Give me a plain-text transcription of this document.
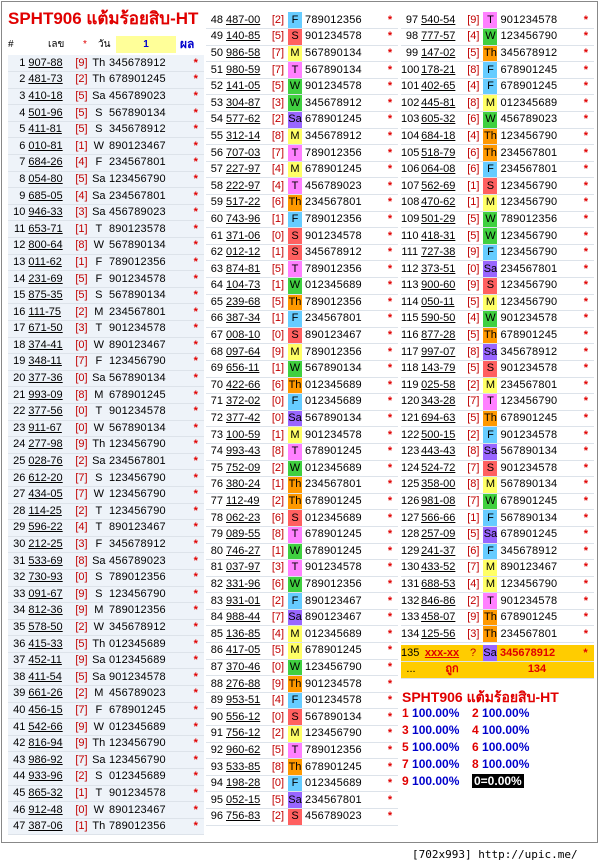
SPHT906 แต้มร้อยสิบ-HT
#	เลข * วัน	1	ผล
1	907-88	[9]	Th	345678912	*
2	481-73	[2]	Th	678901245	*
3	410-18	[5]	Sa	456789023	*
4	501-96	[5]	S	567890134	*
5	411-81	[5]	S	345678912	*
6	010-81	[1]	W	890123467	*
7	684-26	[4]	F	234567801	*
8	054-80	[5]	Sa	123456790	*
9	685-05	[4]	Sa	234567801	*
10	946-33	[3]	Sa	456789023	*
11	653-71	[1]	T	890123578	*
12	800-64	[8]	W	567890134	*
13	011-62	[1]	F	789012356	*
14	231-69	[5]	F	901234578	*
15	875-35	[5]	S	567890134	*
16	111-75	[2]	M	234567801	*
17	671-50	[3]	T	901234578	*
18	374-41	[0]	W	890123467	*
19	348-11	[7]	F	123456790	*
20	377-36	[0]	Sa	567890134	*
21	993-09	[8]	M	678901245	*
22	377-56	[0]	T	901234578	*
23	911-67	[0]	W	567890134	*
24	277-98	[9]	Th	123456790	*
25	028-76	[2]	Sa	234567801	*
26	612-20	[7]	S	123456790	*
27	434-05	[7]	W	123456790	*
28	114-25	[2]	T	123456790	*
29	596-22	[4]	T	890123467	*
30	212-25	[3]	F	345678912	*
31	533-69	[8]	Sa	456789023	*
32	730-93	[0]	S	789012356	*
33	091-67	[9]	S	123456790	*
34	812-36	[9]	M	789012356	*
35	578-50	[2]	W	345678912	*
36	415-33	[5]	Th	012345689	*
37	452-11	[9]	Sa	012345689	*
38	411-54	[5]	Sa	901234578	*
39	661-26	[2]	M	456789023	*
40	456-15	[7]	F	678901245	*
41	542-66	[9]	W	012345689	*
42	816-94	[9]	Th	123456790	*
43	986-92	[7]	Sa	123456790	*
44	933-96	[2]	S	012345689	*
45	865-32	[1]	T	901234578	*
46	912-48	[0]	W	890123467	*
47	387-06	[1]	Th	789012356	*
48	487-00	[2]	F	789012356	*
49	140-85	[5]	S	901234578	*
50	986-58	[7]	M	567890134	*
51	980-59	[7]	T	567890134	*
52	141-05	[5]	W	901234578	*
53	304-87	[3]	W	345678912	*
54	577-62	[2]	Sa	678901245	*
55	312-14	[8]	M	345678912	*
56	707-03	[7]	T	789012356	*
57	227-97	[4]	M	678901245	*
58	222-97	[4]	T	456789023	*
59	517-22	[6]	Th	234567801	*
60	743-96	[1]	F	789012356	*
61	371-06	[0]	S	901234578	*
62	012-12	[1]	S	345678912	*
63	874-81	[5]	T	789012356	*
64	104-73	[1]	W	012345689	*
65	239-68	[5]	Th	789012356	*
66	387-34	[1]	F	234567801	*
67	008-10	[0]	S	890123467	*
68	097-64	[9]	M	789012356	*
69	656-11	[1]	W	567890134	*
70	422-66	[6]	Th	012345689	*
71	372-02	[0]	F	012345689	*
72	377-42	[0]	Sa	567890134	*
73	100-59	[1]	M	901234578	*
74	993-43	[8]	T	678901245	*
75	752-09	[2]	W	012345689	*
76	380-24	[1]	Th	234567801	*
77	112-49	[2]	Th	678901245	*
78	062-23	[6]	S	012345689	*
79	089-55	[8]	T	678901245	*
80	746-27	[1]	W	678901245	*
81	037-97	[3]	T	901234578	*
82	331-96	[6]	W	789012356	*
83	931-01	[2]	F	890123467	*
84	988-44	[7]	Sa	890123467	*
85	136-85	[4]	M	012345689	*
86	417-05	[5]	M	678901245	*
87	370-46	[0]	W	123456790	*
88	276-88	[9]	Th	901234578	*
89	953-51	[4]	F	901234578	*
90	556-12	[0]	S	567890134	*
91	756-12	[2]	M	123456790	*
92	960-62	[5]	T	789012356	*
93	533-85	[8]	Th	678901245	*
94	198-28	[0]	F	012345689	*
95	052-15	[5]	Sa	234567801	*
96	756-83	[2]	S	456789023	*
97	540-54	[9]	T	901234578	*
98	777-57	[4]	W	123456790	*
99	147-02	[5]	Th	345678912	*
100	178-21	[8]	F	678901245	*
101	402-65	[4]	F	678901245	*
102	445-81	[8]	M	012345689	*
103	605-32	[6]	W	456789023	*
104	684-18	[4]	Th	123456790	*
105	518-79	[6]	Th	234567801	*
106	064-08	[6]	F	234567801	*
107	562-69	[1]	S	123456790	*
108	470-62	[1]	M	123456790	*
109	501-29	[5]	W	789012356	*
110	418-31	[5]	W	123456790	*
111	727-38	[9]	F	123456790	*
112	373-51	[0]	Sa	234567801	*
113	900-60	[9]	S	123456790	*
114	050-11	[5]	M	123456790	*
115	590-50	[4]	W	901234578	*
116	877-28	[5]	Th	678901245	*
117	997-07	[8]	Sa	345678912	*
118	143-79	[5]	S	901234578	*
119	025-58	[2]	M	234567801	*
120	343-28	[7]	T	123456790	*
121	694-63	[5]	Th	678901245	*
122	500-15	[2]	F	901234578	*
123	443-43	[8]	Sa	567890134	*
124	524-72	[7]	S	901234578	*
125	358-00	[8]	M	567890134	*
126	981-08	[7]	W	678901245	*
127	566-66	[1]	F	567890134	*
128	257-09	[5]	Sa	678901245	*
129	241-37	[6]	F	345678912	*
130	433-52	[7]	M	890123467	*
131	688-53	[4]	M	123456790	*
132	846-86	[2]	T	901234578	*
133	458-07	[9]	Th	678901245	*
134	125-56	[3]	Th	234567801	*
135	xxx-xx	?	Sa	345678912	*
...	ถูก			134	
SPHT906 แต้มร้อยสิบ-HT
1 100.00% 2 100.00%
3 100.00% 4 100.00%
5 100.00% 6 100.00%
7 100.00% 8 100.00%
9 100.00% 0=0.00%
[702x993] http://upic.me/
